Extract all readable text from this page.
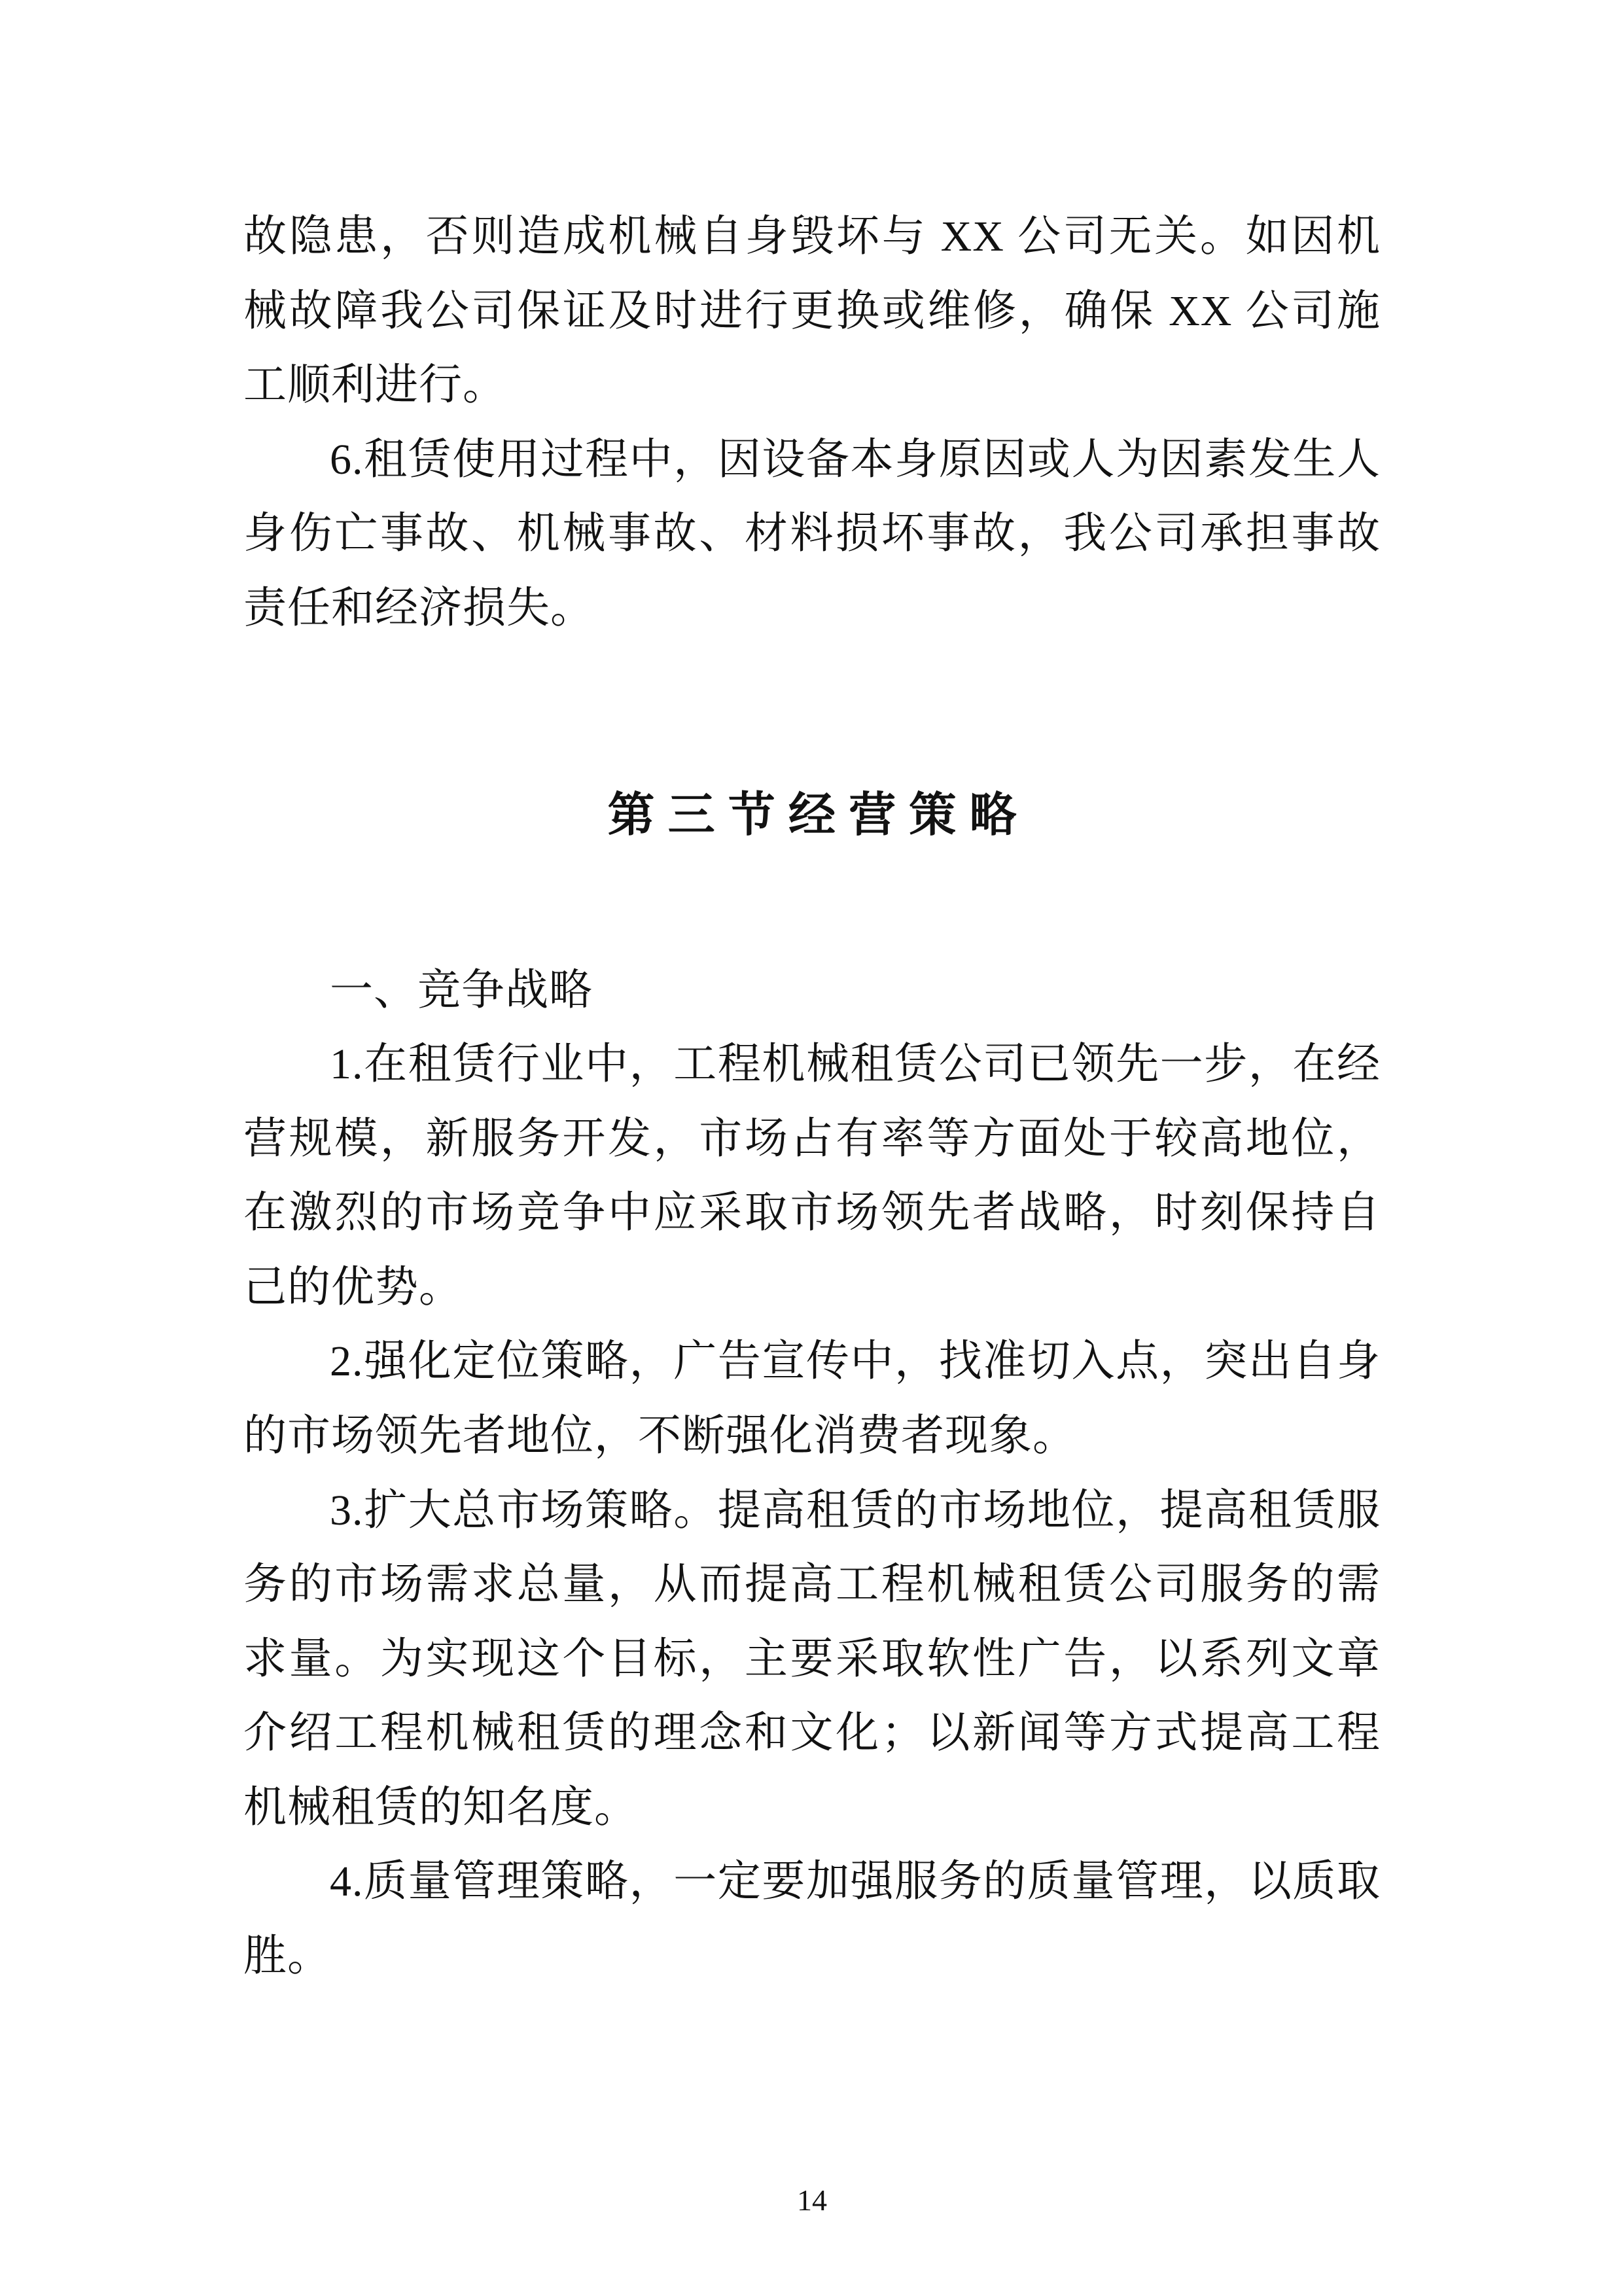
故隐患，否则造成机械自身毁坏与 XX 公司无关。如因机械故障我公司保证及时进行更换或维修，确保 XX 公司施工顺利进行。

6.租赁使用过程中，因设备本身原因或人为因素发生人身伤亡事故、机械事故、材料损坏事故，我公司承担事故责任和经济损失。

第三节经营策略

一、竞争战略

1.在租赁行业中，工程机械租赁公司已领先一步，在经营规模，新服务开发，市场占有率等方面处于较高地位，在激烈的市场竞争中应采取市场领先者战略，时刻保持自己的优势。

2.强化定位策略，广告宣传中，找准切入点，突出自身的市场领先者地位，不断强化消费者现象。

3.扩大总市场策略。提高租赁的市场地位，提高租赁服务的市场需求总量，从而提高工程机械租赁公司服务的需求量。为实现这个目标，主要采取软性广告，以系列文章介绍工程机械租赁的理念和文化；以新闻等方式提高工程机械租赁的知名度。

4.质量管理策略，一定要加强服务的质量管理，以质取胜。

14
